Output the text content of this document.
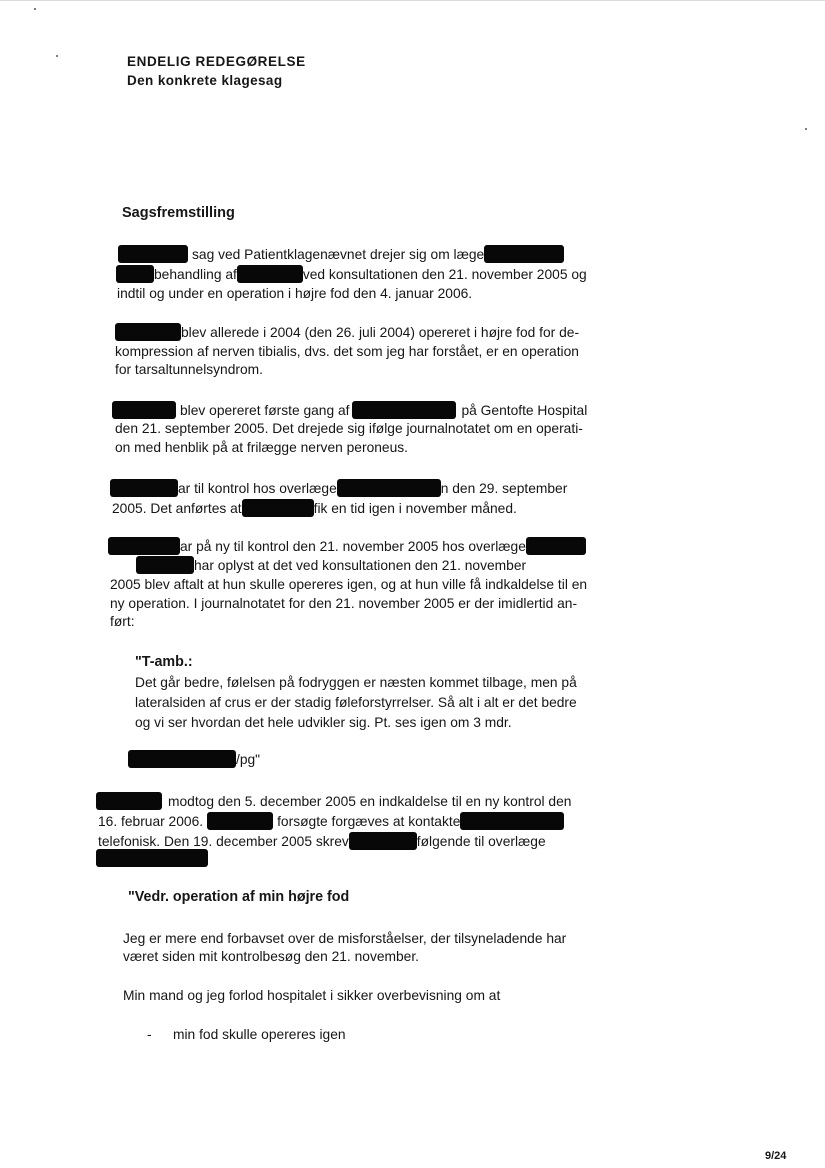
ENDELIG REDEGØRELSE
Den konkrete klagesag
Sagsfremstilling
sag ved Patientklagenævnet drejer sig om læge
behandling af	ved konsultationen den 21. november 2005 og
indtil og under en operation i højre fod den 4. januar 2006.
blev allerede i 2004 (den 26. juli 2004) opereret i højre fod for de-
kompression af nerven tibialis, dvs. det som jeg har forstået, er en operation
for tarsaltunnelsyndrom.
blev opereret første gang af	på Gentofte Hospital
den 21. september 2005. Det drejede sig ifølge journalnotatet om en operati-
on med henblik på at frilægge nerven peroneus.
ar til kontrol hos overlæge	n den 29. september
2005. Det anførtes at	fik en tid igen i november måned.
ar på ny til kontrol den 21. november 2005 hos overlæge
har oplyst at det ved konsultationen den 21. november
2005 blev aftalt at hun skulle opereres igen, og at hun ville få indkaldelse til en
ny operation. I journalnotatet for den 21. november 2005 er der imidlertid an-
ført:
"T-amb.:
Det går bedre, følelsen på fodryggen er næsten kommet tilbage, men på
lateralsiden af crus er der stadig føleforstyrrelser. Så alt i alt er det bedre
og vi ser hvordan det hele udvikler sig. Pt. ses igen om 3 mdr.
/pg"
modtog den 5. december 2005 en indkaldelse til en ny kontrol den
16. februar 2006.	forsøgte forgæves at kontakte
telefonisk. Den 19. december 2005 skrev	følgende til overlæge
"Vedr. operation af min højre fod
Jeg er mere end forbavset over de misforståelser, der tilsyneladende har
været siden mit kontrolbesøg den 21. november.
Min mand og jeg forlod hospitalet i sikker overbevisning om at
- min fod skulle opereres igen
9/24
